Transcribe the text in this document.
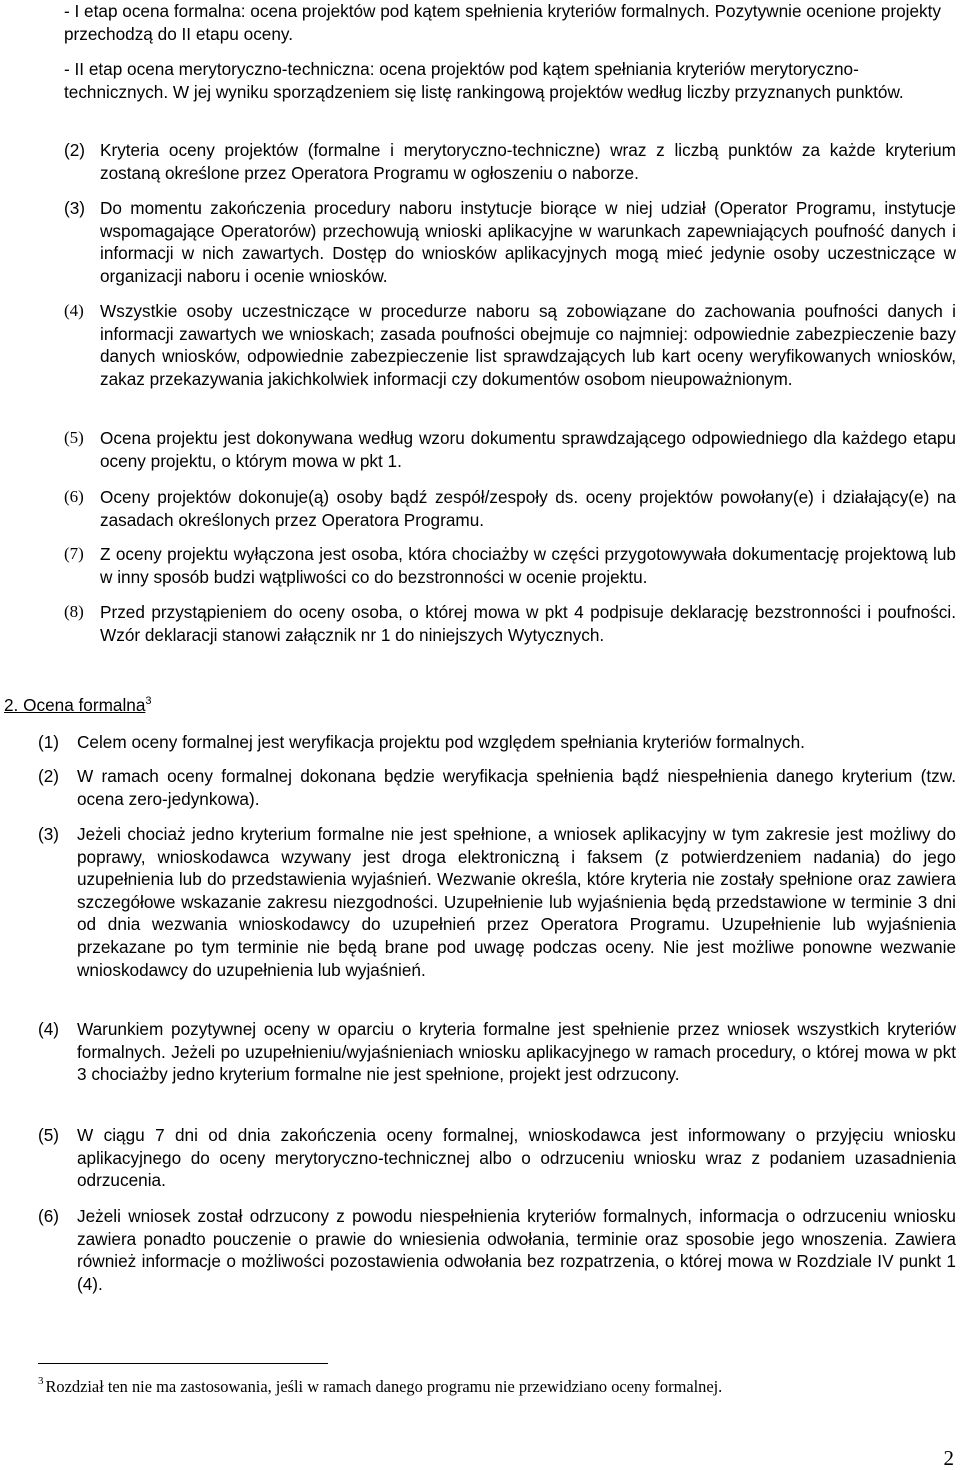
- I etap ocena formalna: ocena projektów pod kątem spełnienia kryteriów formalnych. Pozytywnie ocenione projekty przechodzą do II etapu oceny.

- II etap ocena merytoryczno-techniczna: ocena projektów pod kątem spełniania kryteriów merytoryczno-technicznych. W jej wyniku sporządzeniem się listę rankingową projektów według liczby przyznanych punktów.

(2) Kryteria oceny projektów (formalne i merytoryczno-techniczne) wraz z liczbą punktów za każde kryterium zostaną określone przez Operatora Programu w ogłoszeniu o naborze.
(3) Do momentu zakończenia procedury naboru instytucje biorące w niej udział (Operator Programu, instytucje wspomagające Operatorów) przechowują wnioski aplikacyjne w warunkach zapewniających poufność danych i informacji w nich zawartych. Dostęp do wniosków aplikacyjnych mogą mieć jedynie osoby uczestniczące w organizacji naboru i ocenie wniosków.
(4) Wszystkie osoby uczestniczące w procedurze naboru są zobowiązane do zachowania poufności danych i informacji zawartych we wnioskach; zasada poufności obejmuje co najmniej: odpowiednie zabezpieczenie bazy danych wniosków, odpowiednie zabezpieczenie list sprawdzających lub kart oceny weryfikowanych wniosków, zakaz przekazywania jakichkolwiek informacji czy dokumentów osobom nieupoważnionym.
(5) Ocena projektu jest dokonywana według wzoru dokumentu sprawdzającego odpowiedniego dla każdego etapu oceny projektu, o którym mowa w pkt 1.
(6) Oceny projektów dokonuje(ą) osoby bądź zespół/zespoły ds. oceny projektów powołany(e) i działający(e) na zasadach określonych przez Operatora Programu.
(7) Z oceny projektu wyłączona jest osoba, która chociażby w części przygotowywała dokumentację projektową lub w inny sposób budzi wątpliwości co do bezstronności w ocenie projektu.
(8) Przed przystąpieniem do oceny osoba, o której mowa w pkt 4 podpisuje deklarację bezstronności i poufności. Wzór deklaracji stanowi załącznik nr 1 do niniejszych Wytycznych.
2. Ocena formalna$^3$
(1)	Celem oceny formalnej jest weryfikacja projektu pod względem spełniania kryteriów formalnych.
(2)	W ramach oceny formalnej dokonana będzie weryfikacja spełnienia bądź niespełnienia danego kryterium (tzw. ocena zero-jedynkowa).
(3)	Jeżeli chociaż jedno kryterium formalne nie jest spełnione, a wniosek aplikacyjny w tym zakresie jest możliwy do poprawy, wnioskodawca wzywany jest droga elektroniczną i faksem (z potwierdzeniem nadania) do jego uzupełnienia lub do przedstawienia wyjaśnień. Wezwanie określa, które kryteria nie zostały spełnione oraz zawiera szczegółowe wskazanie zakresu niezgodności. Uzupełnienie lub wyjaśnienia będą przedstawione w terminie 3 dni od dnia wezwania wnioskodawcy do uzupełnień przez Operatora Programu. Uzupełnienie lub wyjaśnienia przekazane po tym terminie nie będą brane pod uwagę podczas oceny. Nie jest możliwe ponowne wezwanie wnioskodawcy do uzupełnienia lub wyjaśnień.
(4)	Warunkiem pozytywnej oceny w oparciu o kryteria formalne jest spełnienie przez wniosek wszystkich kryteriów formalnych. Jeżeli po uzupełnieniu/wyjaśnieniach wniosku aplikacyjnego w ramach procedury, o której mowa w pkt 3 chociażby jedno kryterium formalne nie jest spełnione, projekt jest odrzucony.
(5)	W ciągu 7 dni od dnia zakończenia oceny formalnej, wnioskodawca jest informowany o przyjęciu wniosku aplikacyjnego do oceny merytoryczno-technicznej albo o odrzuceniu wniosku wraz z podaniem uzasadnienia odrzucenia.
(6)	Jeżeli wniosek został odrzucony z powodu niespełnienia kryteriów formalnych, informacja o odrzuceniu wniosku zawiera ponadto pouczenie o prawie do wniesienia odwołania, terminie oraz sposobie jego wnoszenia. Zawiera również informacje o możliwości pozostawienia odwołania bez rozpatrzenia, o której mowa w Rozdziale IV punkt 1 (4).
$^3$ Rozdział ten nie ma zastosowania, jeśli w ramach danego programu nie przewidziano oceny formalnej.
2
